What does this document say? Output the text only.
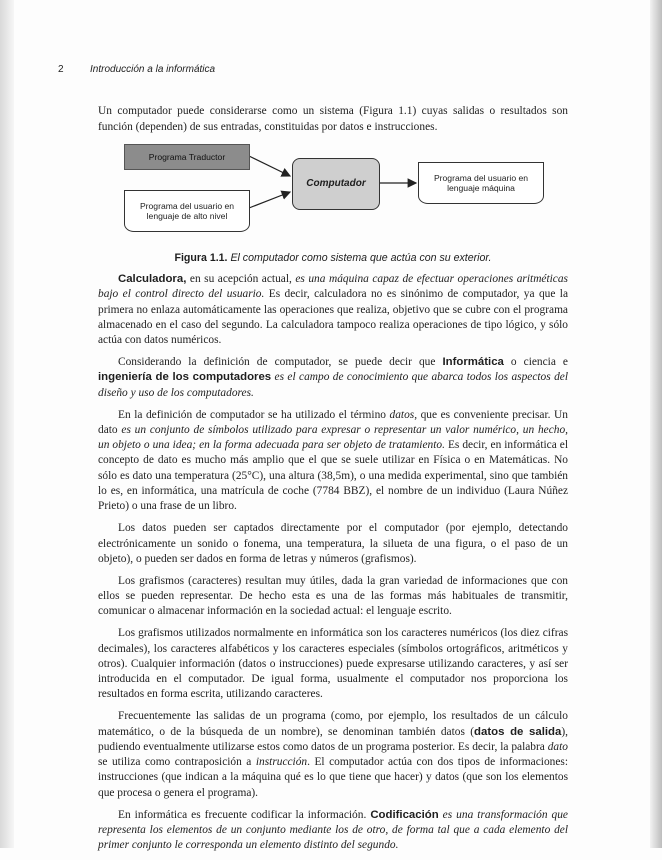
2	Introducción a la informática
Un computador puede considerarse como un sistema (Figura 1.1) cuyas salidas o resultados son función (dependen) de sus entradas, constituidas por datos e instrucciones.
Programa Traductor
Programa del usuario en lenguaje de alto nivel
Computador	Programa del usuario en lenguaje máquina
Figura 1.1. El computador como sistema que actúa con su exterior.

Calculadora, en su acepción actual, es una máquina capaz de efectuar operaciones aritméticas bajo el control directo del usuario. Es decir, calculadora no es sinónimo de computador, ya que la primera no enlaza automáticamente las operaciones que realiza, objetivo que se cubre con el programa almacenado en el caso del segundo. La calculadora tampoco realiza operaciones de tipo lógico, y sólo actúa con datos numéricos.

Considerando la definición de computador, se puede decir que Informática o ciencia e ingeniería de los computadores es el campo de conocimiento que abarca todos los aspectos del diseño y uso de los computadores.

En la definición de computador se ha utilizado el término datos, que es conveniente precisar. Un dato es un conjunto de símbolos utilizado para expresar o representar un valor numérico, un hecho, un objeto o una idea; en la forma adecuada para ser objeto de tratamiento. Es decir, en informática el concepto de dato es mucho más amplio que el que se suele utilizar en Física o en Matemáticas. No sólo es dato una temperatura (25°C), una altura (38,5m), o una medida experimental, sino que también lo es, en informática, una matrícula de coche (7784 BBZ), el nombre de un individuo (Laura Núñez Prieto) o una frase de un libro.

Los datos pueden ser captados directamente por el computador (por ejemplo, detectando electrónicamente un sonido o fonema, una temperatura, la silueta de una figura, o el paso de un objeto), o pueden ser dados en forma de letras y números (grafismos).

Los grafismos (caracteres) resultan muy útiles, dada la gran variedad de informaciones que con ellos se pueden representar. De hecho esta es una de las formas más habituales de transmitir, comunicar o almacenar información en la sociedad actual: el lenguaje escrito.

Los grafismos utilizados normalmente en informática son los caracteres numéricos (los diez cifras decimales), los caracteres alfabéticos y los caracteres especiales (símbolos ortográficos, aritméticos y otros). Cualquier información (datos o instrucciones) puede expresarse utilizando caracteres, y así ser introducida en el computador. De igual forma, usualmente el computador nos proporciona los resultados en forma escrita, utilizando caracteres.

Frecuentemente las salidas de un programa (como, por ejemplo, los resultados de un cálculo matemático, o de la búsqueda de un nombre), se denominan también datos (datos de salida), pudiendo eventualmente utilizarse estos como datos de un programa posterior. Es decir, la palabra dato se utiliza como contraposición a instrucción. El computador actúa con dos tipos de informaciones: instrucciones (que indican a la máquina qué es lo que tiene que hacer) y datos (que son los elementos que procesa o genera el programa).

En informática es frecuente codificar la información. Codificación es una transformación que representa los elementos de un conjunto mediante los de otro, de forma tal que a cada elemento del primer conjunto le corresponda un elemento distinto del segundo.
